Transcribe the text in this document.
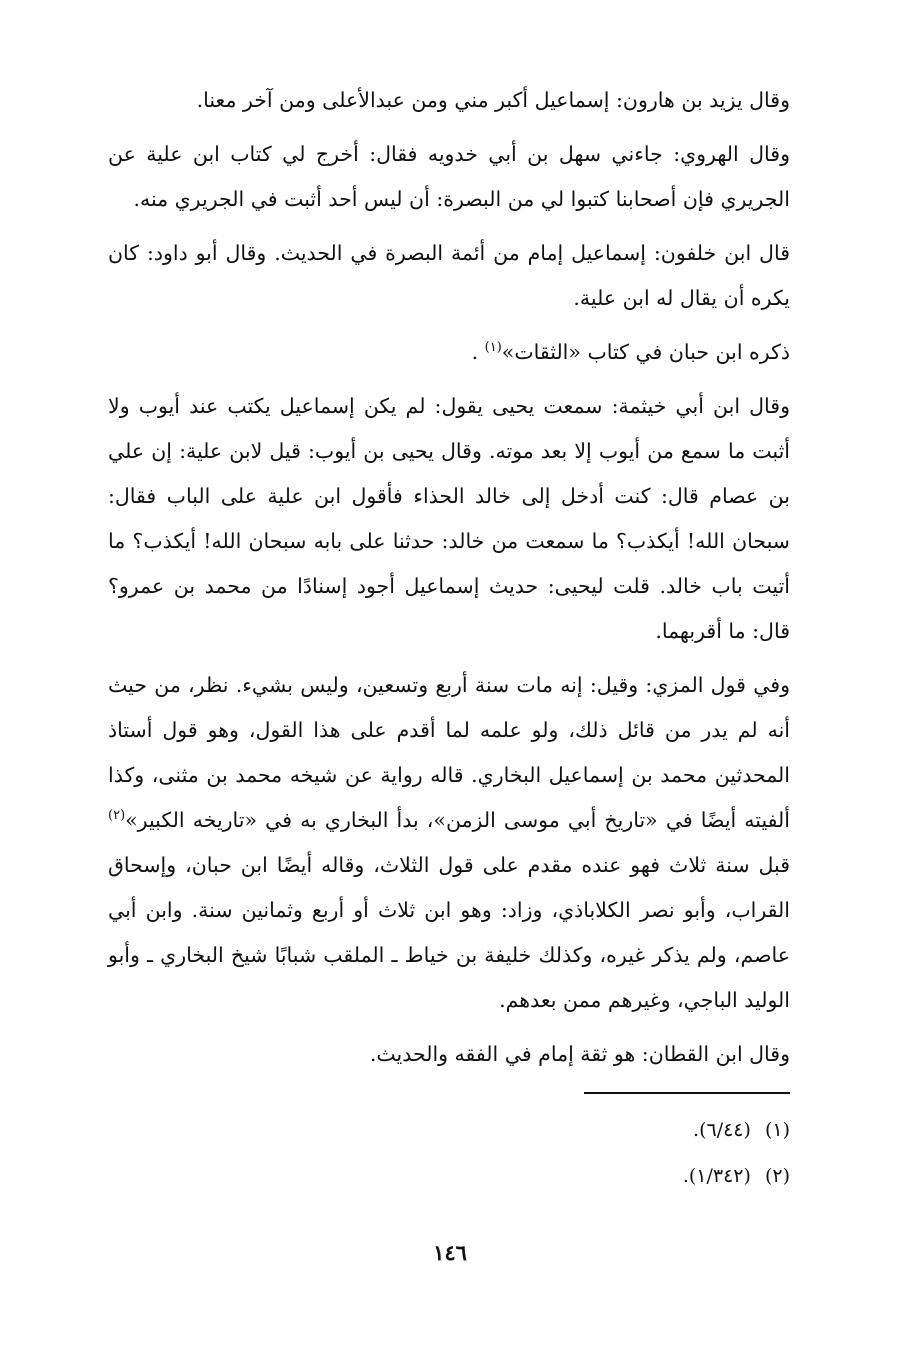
وقال يزيد بن هارون: إسماعيل أكبر مني ومن عبدالأعلى ومن آخر معنا.

وقال الهروي: جاءني سهل بن أبي خدويه فقال: أخرج لي كتاب ابن علية عن الجريري فإن أصحابنا كتبوا لي من البصرة: أن ليس أحد أثبت في الجريري منه.

قال ابن خلفون: إسماعيل إمام من أئمة البصرة في الحديث. وقال أبو داود: كان يكره أن يقال له ابن علية.

ذكره ابن حبان في كتاب «الثقات»$^{(١)}$ .

وقال ابن أبي خيثمة: سمعت يحيى يقول: لم يكن إسماعيل يكتب عند أيوب ولا أثبت ما سمع من أيوب إلا بعد موته. وقال يحيى بن أيوب: قيل لابن علية: إن علي بن عصام قال: كنت أدخل إلى خالد الحذاء فأقول ابن علية على الباب فقال: سبحان الله! أيكذب؟ ما سمعت من خالد: حدثنا على بابه سبحان الله! أيكذب؟ ما أتيت باب خالد. قلت ليحيى: حديث إسماعيل أجود إسنادًا من محمد بن عمرو؟ قال: ما أقربهما.

وفي قول المزي: وقيل: إنه مات سنة أربع وتسعين، وليس بشيء. نظر، من حيث أنه لم يدر من قائل ذلك، ولو علمه لما أقدم على هذا القول، وهو قول أستاذ المحدثين محمد بن إسماعيل البخاري. قاله رواية عن شيخه محمد بن مثنى، وكذا ألفيته أيضًا في «تاريخ أبي موسى الزمن»، بدأ البخاري به في «تاريخه الكبير»$^{(٢)}$ قبل سنة ثلاث فهو عنده مقدم على قول الثلاث، وقاله أيضًا ابن حبان، وإسحاق القراب، وأبو نصر الكلاباذي، وزاد: وهو ابن ثلاث أو أربع وثمانين سنة. وابن أبي عاصم، ولم يذكر غيره، وكذلك خليفة بن خياط ـ الملقب شبابًا شيخ البخاري ـ وأبو الوليد الباجي، وغيرهم ممن بعدهم.

وقال ابن القطان: هو ثقة إمام في الفقه والحديث.

(١)(٦/٤٤).

(٢)(١/٣٤٢).

١٤٦
